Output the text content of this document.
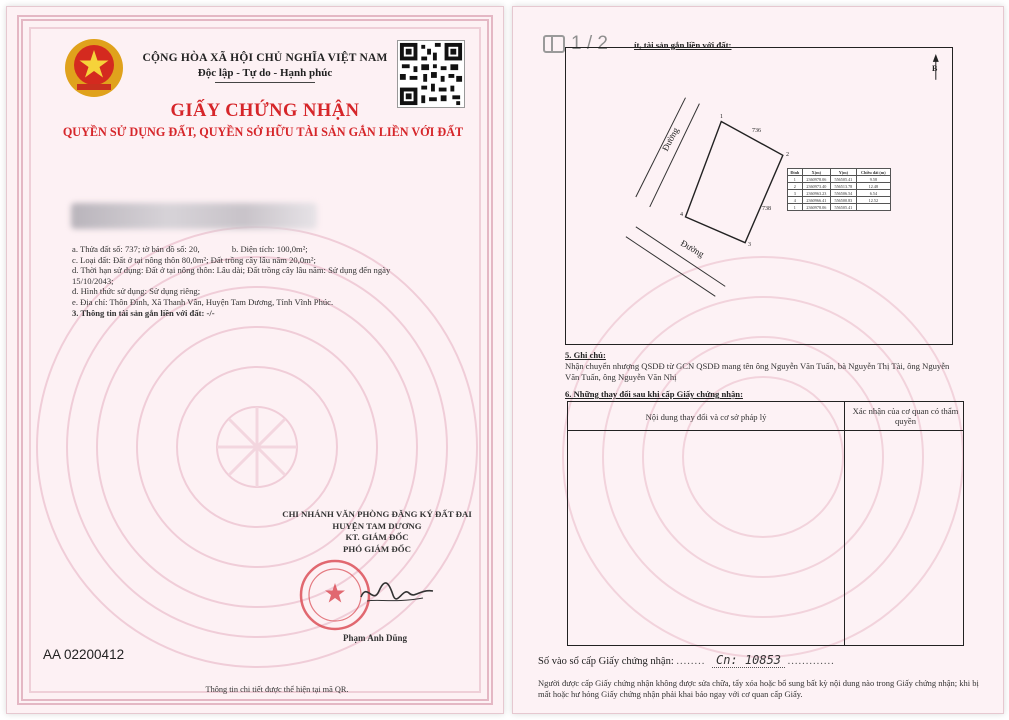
CỘNG HÒA XÃ HỘI CHỦ NGHĨA VIỆT NAM
Độc lập - Tự do - Hạnh phúc
GIẤY CHỨNG NHẬN
QUYỀN SỬ DỤNG ĐẤT, QUYỀN SỞ HỮU TÀI SẢN GẮN LIỀN VỚI ĐẤT
a. Thửa đất số: 737; tờ bản đồ số: 20,	b. Diện tích: 100,0m²;
c. Loại đất: Đất ở tại nông thôn 80,0m²; Đất trồng cây lâu năm 20,0m²;
d. Thời hạn sử dụng: Đất ở tại nông thôn: Lâu dài; Đất trồng cây lâu năm: Sử dụng đến ngày
15/10/2043;
đ. Hình thức sử dụng: Sử dụng riêng;
e. Địa chỉ: Thôn Đình, Xã Thanh Vân, Huyện Tam Dương, Tỉnh Vĩnh Phúc.
3. Thông tin tài sản gắn liền với đất: -/-
CHI NHÁNH VĂN PHÒNG ĐĂNG KÝ ĐẤT ĐAI
HUYỆN TAM DƯƠNG
KT. GIÁM ĐỐC
PHÓ GIÁM ĐỐC
Phạm Anh Dũng
AA 02200412
Thông tin chi tiết được thể hiện tại mã QR.
1 / 2	ít, tài sản gắn liền với đất:
Đường
Đường
B
736
738
1
2
3
4
Đỉnh	X(m)	Y(m)	Chiều dài (m)
1	2360978.06	556505.41	9.58
2	2360973.40	556513.78	12.48
3	2360963.23	556506.54	6.54
4	2360966.41	556500.83	12.52
1	2360978.06	556505.41	
5. Ghi chú:
Nhận chuyển nhượng QSDĐ từ GCN QSDĐ mang tên ông Nguyễn Văn Tuấn, bà Nguyễn Thị Tài, ông Nguyễn Văn Tuấn, ông Nguyễn Văn Nhị
6. Những thay đổi sau khi cấp Giấy chứng nhận:
Nội dung thay đổi và cơ sở pháp lý
Xác nhận của cơ quan có thẩm quyền
Số vào sổ cấp Giấy chứng nhận: ........ Cn: 10853 .............
Người được cấp Giấy chứng nhận không được sửa chữa, tẩy xóa hoặc bổ sung bất kỳ nội dung nào trong Giấy chứng nhận; khi bị mất hoặc hư hỏng Giấy chứng nhận phải khai báo ngay với cơ quan cấp Giấy.
